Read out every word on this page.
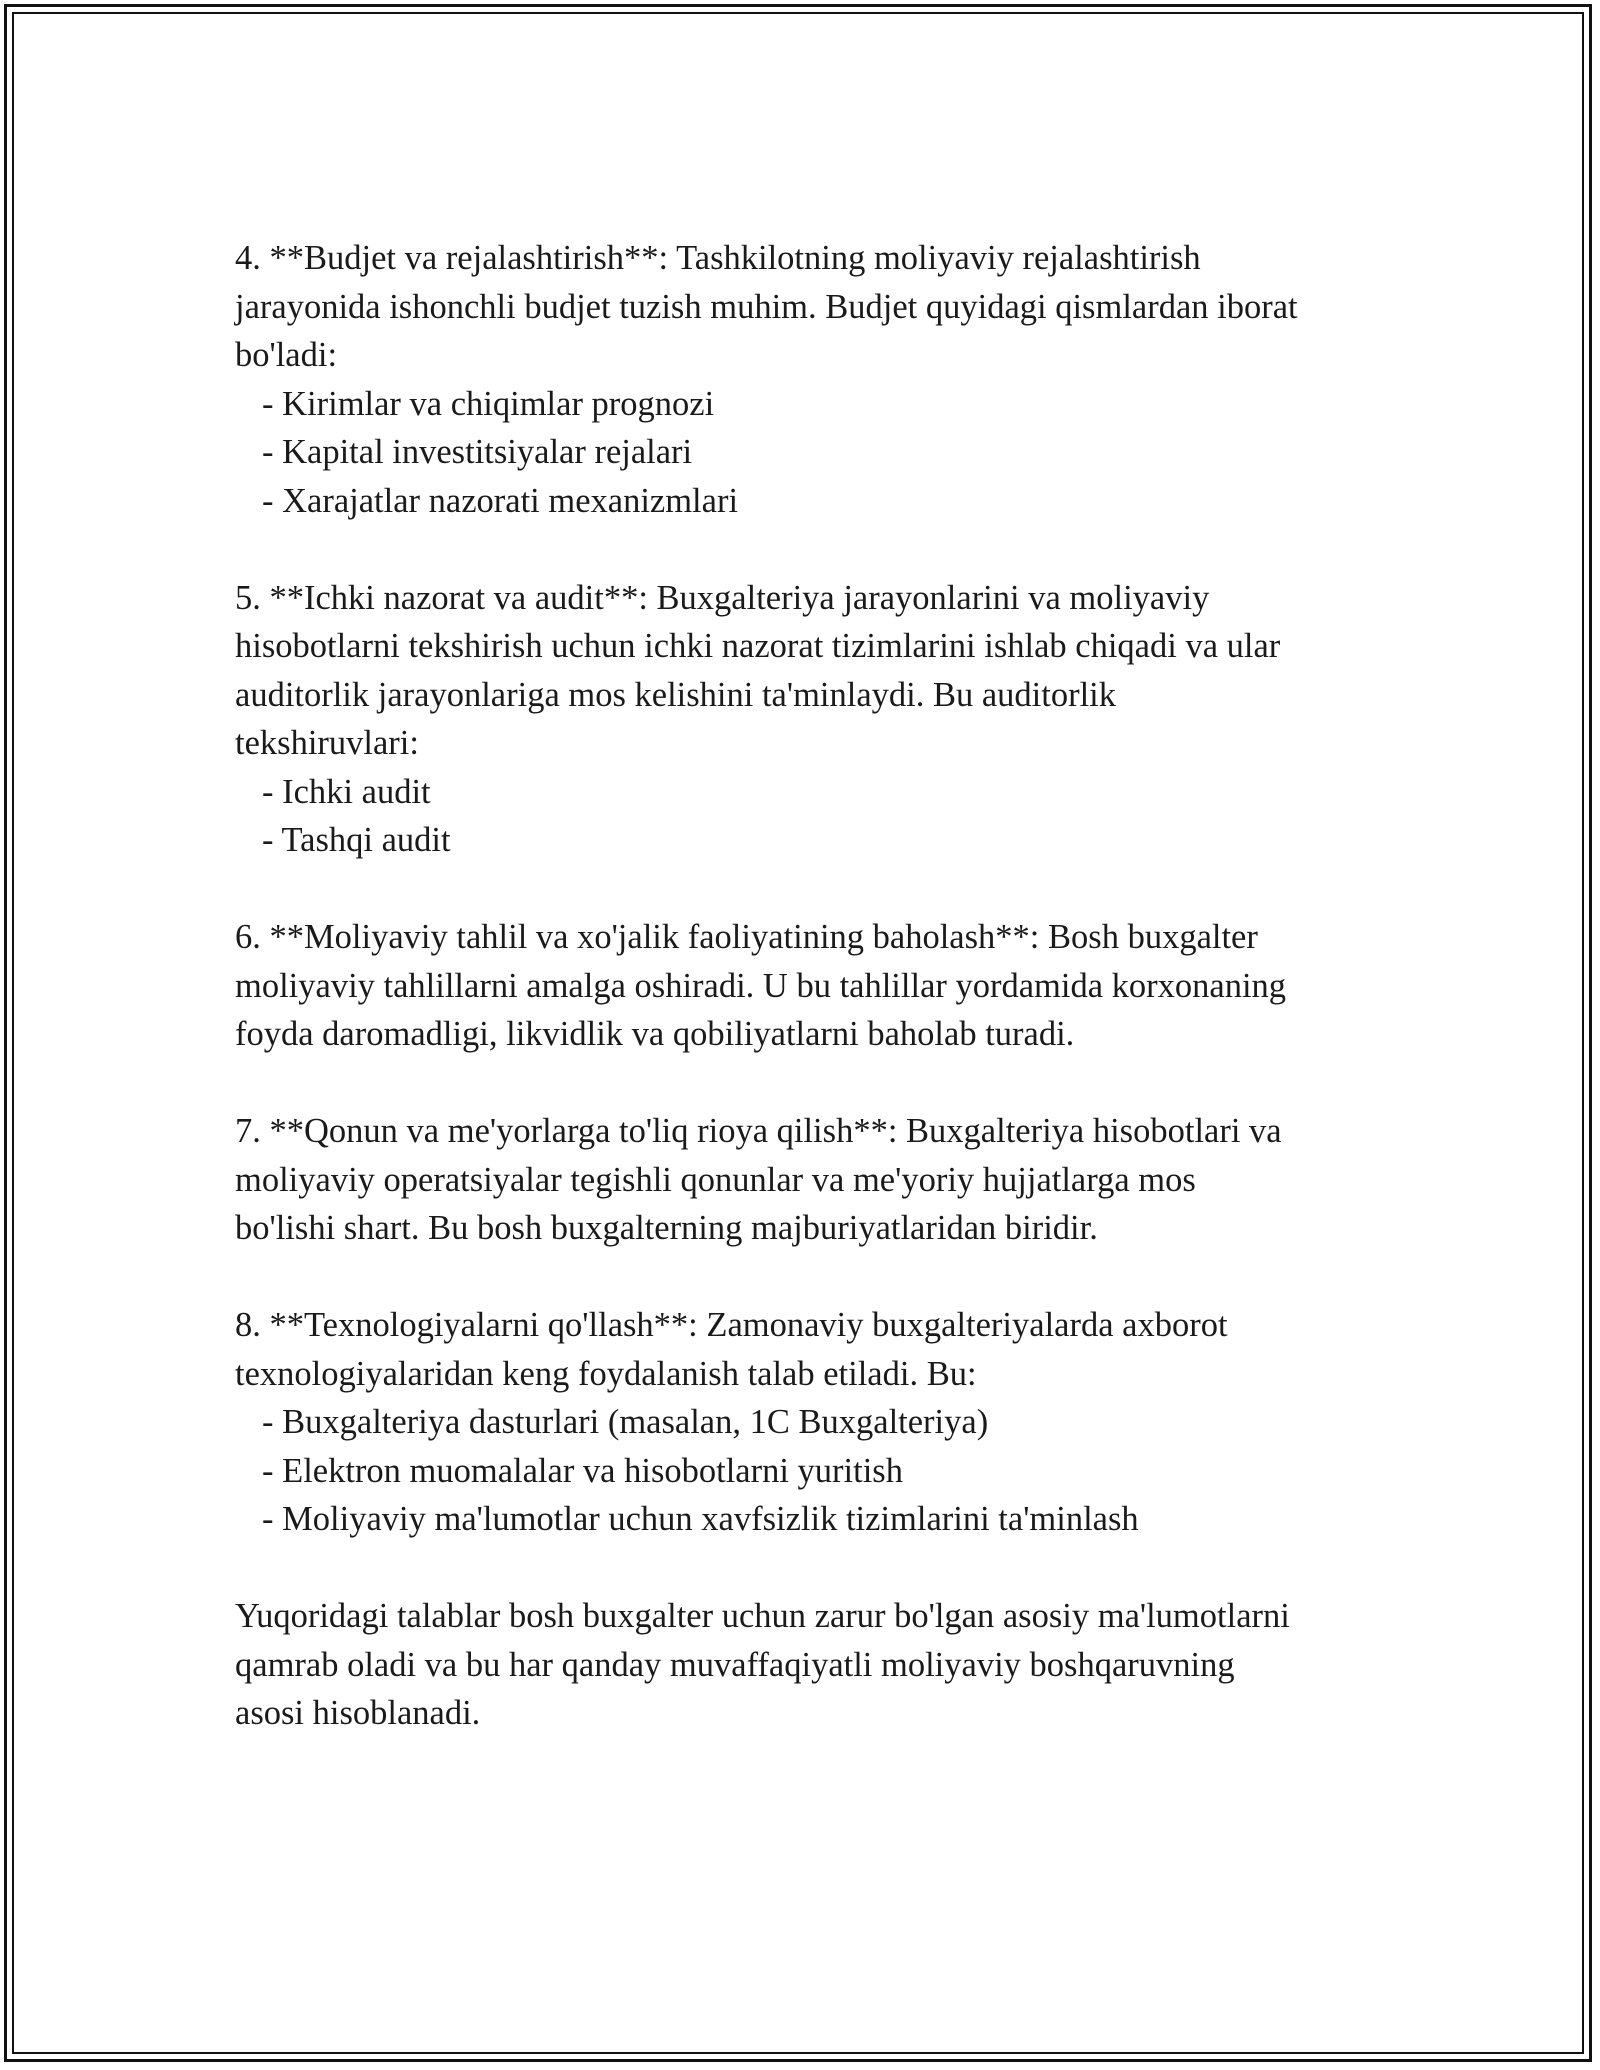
4. **Budjet va rejalashtirish**: Tashkilotning moliyaviy rejalashtirish
jarayonida ishonchli budjet tuzish muhim. Budjet quyidagi qismlardan iborat
bo'ladi:

- Kirimlar va chiqimlar prognozi

- Kapital investitsiyalar rejalari

- Xarajatlar nazorati mexanizmlari

5. **Ichki nazorat va audit**: Buxgalteriya jarayonlarini va moliyaviy
hisobotlarni tekshirish uchun ichki nazorat tizimlarini ishlab chiqadi va ular
auditorlik jarayonlariga mos kelishini ta'minlaydi. Bu auditorlik
tekshiruvlari:

- Ichki audit

- Tashqi audit

6. **Moliyaviy tahlil va xo'jalik faoliyatining baholash**: Bosh buxgalter
moliyaviy tahlillarni amalga oshiradi. U bu tahlillar yordamida korxonaning
foyda daromadligi, likvidlik va qobiliyatlarni baholab turadi.

7. **Qonun va me'yorlarga to'liq rioya qilish**: Buxgalteriya hisobotlari va
moliyaviy operatsiyalar tegishli qonunlar va me'yoriy hujjatlarga mos
bo'lishi shart. Bu bosh buxgalterning majburiyatlaridan biridir.

8. **Texnologiyalarni qo'llash**: Zamonaviy buxgalteriyalarda axborot
texnologiyalaridan keng foydalanish talab etiladi. Bu:

- Buxgalteriya dasturlari (masalan, 1C Buxgalteriya)

- Elektron muomalalar va hisobotlarni yuritish

- Moliyaviy ma'lumotlar uchun xavfsizlik tizimlarini ta'minlash

Yuqoridagi talablar bosh buxgalter uchun zarur bo'lgan asosiy ma'lumotlarni
qamrab oladi va bu har qanday muvaffaqiyatli moliyaviy boshqaruvning
asosi hisoblanadi.
